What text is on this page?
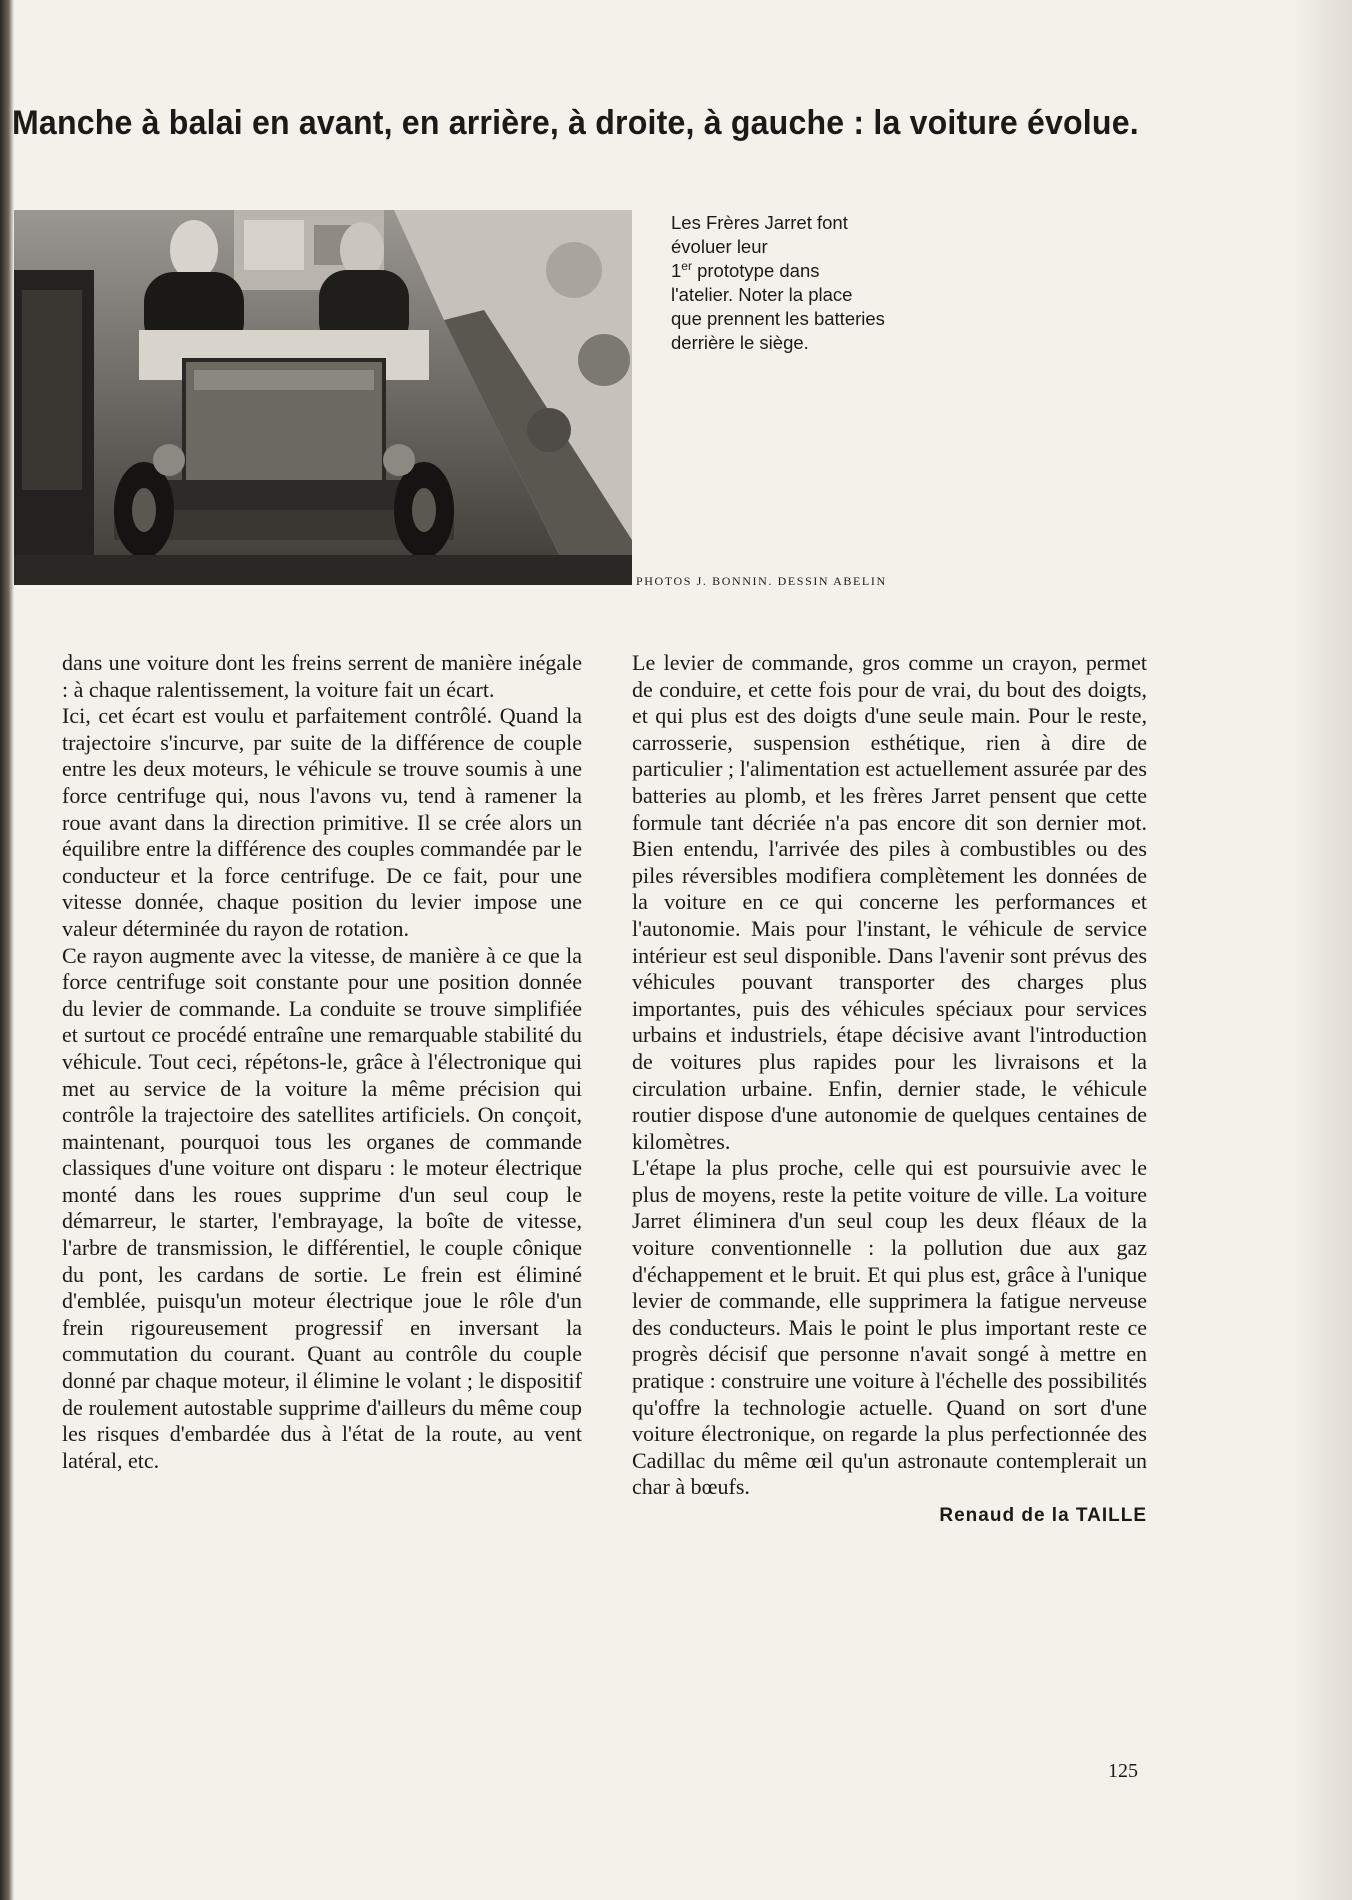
Manche à balai en avant, en arrière, à droite, à gauche : la voiture évolue.
Les Frères Jarret font
évoluer leur
1er prototype dans
l'atelier. Noter la place
que prennent les batteries
derrière le siège.
PHOTOS J. BONNIN. DESSIN ABELIN

dans une voiture dont les freins serrent de manière inégale : à chaque ralentissement, la voiture fait un écart.

Ici, cet écart est voulu et parfaitement contrôlé. Quand la trajectoire s'incurve, par suite de la différence de couple entre les deux moteurs, le véhicule se trouve soumis à une force centrifuge qui, nous l'avons vu, tend à ramener la roue avant dans la direction primitive. Il se crée alors un équilibre entre la différence des couples commandée par le conducteur et la force centrifuge. De ce fait, pour une vitesse donnée, chaque position du levier impose une valeur déterminée du rayon de rotation.

Ce rayon augmente avec la vitesse, de manière à ce que la force centrifuge soit constante pour une position donnée du levier de commande. La conduite se trouve simplifiée et surtout ce procédé entraîne une remarquable stabilité du véhicule. Tout ceci, répétons-le, grâce à l'électronique qui met au service de la voiture la même précision qui contrôle la trajectoire des satellites artificiels. On conçoit, maintenant, pourquoi tous les organes de commande classiques d'une voiture ont disparu : le moteur électrique monté dans les roues supprime d'un seul coup le démarreur, le starter, l'embrayage, la boîte de vitesse, l'arbre de transmission, le différentiel, le couple cônique du pont, les cardans de sortie. Le frein est éliminé d'emblée, puisqu'un moteur électrique joue le rôle d'un frein rigoureusement progressif en inversant la commutation du courant. Quant au contrôle du couple donné par chaque moteur, il élimine le volant ; le dispositif de roulement autostable supprime d'ailleurs du même coup les risques d'embardée dus à l'état de la route, au vent latéral, etc.

Le levier de commande, gros comme un crayon, permet de conduire, et cette fois pour de vrai, du bout des doigts, et qui plus est des doigts d'une seule main. Pour le reste, carrosserie, suspension esthétique, rien à dire de particulier ; l'alimentation est actuellement assurée par des batteries au plomb, et les frères Jarret pensent que cette formule tant décriée n'a pas encore dit son dernier mot. Bien entendu, l'arrivée des piles à combustibles ou des piles réversibles modifiera complètement les données de la voiture en ce qui concerne les performances et l'autonomie. Mais pour l'instant, le véhicule de service intérieur est seul disponible. Dans l'avenir sont prévus des véhicules pouvant transporter des charges plus importantes, puis des véhicules spéciaux pour services urbains et industriels, étape décisive avant l'introduction de voitures plus rapides pour les livraisons et la circulation urbaine. Enfin, dernier stade, le véhicule routier dispose d'une autonomie de quelques centaines de kilomètres.

L'étape la plus proche, celle qui est poursuivie avec le plus de moyens, reste la petite voiture de ville. La voiture Jarret éliminera d'un seul coup les deux fléaux de la voiture conventionnelle : la pollution due aux gaz d'échappement et le bruit. Et qui plus est, grâce à l'unique levier de commande, elle supprimera la fatigue nerveuse des conducteurs. Mais le point le plus important reste ce progrès décisif que personne n'avait songé à mettre en pratique : construire une voiture à l'échelle des possibilités qu'offre la technologie actuelle. Quand on sort d'une voiture électronique, on regarde la plus perfectionnée des Cadillac du même œil qu'un astronaute contemplerait un char à bœufs.

Renaud de la TAILLE

125
